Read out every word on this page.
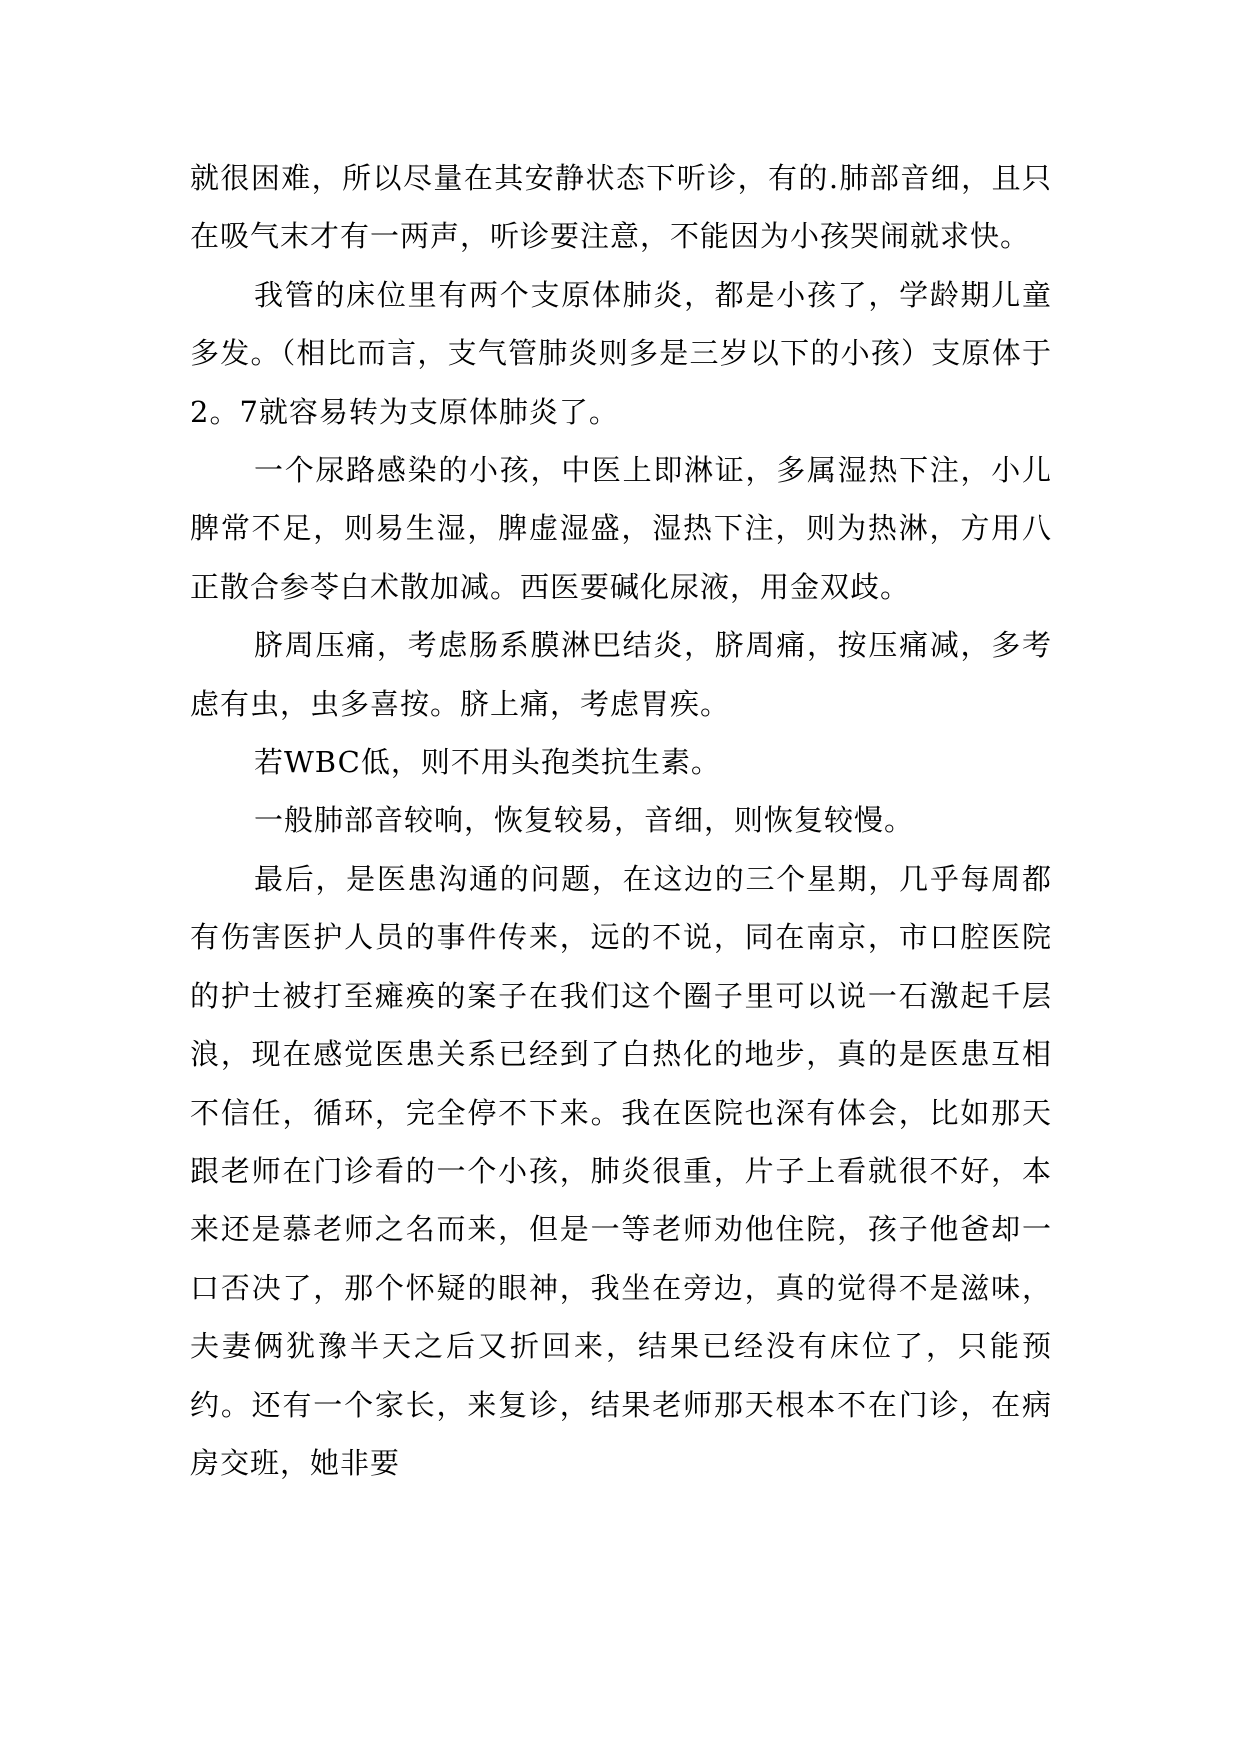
就很困难，所以尽量在其安静状态下听诊，有的.肺部音细，且只在吸气末才有一两声，听诊要注意，不能因为小孩哭闹就求快。

我管的床位里有两个支原体肺炎，都是小孩了，学龄期儿童多发。（相比而言，支气管肺炎则多是三岁以下的小孩）支原体于2。7就容易转为支原体肺炎了。

一个尿路感染的小孩，中医上即淋证，多属湿热下注，小儿脾常不足，则易生湿，脾虚湿盛，湿热下注，则为热淋，方用八正散合参苓白术散加减。西医要碱化尿液，用金双歧。

脐周压痛，考虑肠系膜淋巴结炎，脐周痛，按压痛减，多考虑有虫，虫多喜按。脐上痛，考虑胃疾。

若WBC低，则不用头孢类抗生素。

一般肺部音较响，恢复较易，音细，则恢复较慢。

最后，是医患沟通的问题，在这边的三个星期，几乎每周都有伤害医护人员的事件传来，远的不说，同在南京，市口腔医院的护士被打至瘫痪的案子在我们这个圈子里可以说一石激起千层浪，现在感觉医患关系已经到了白热化的地步，真的是医患互相不信任，循环，完全停不下来。我在医院也深有体会，比如那天跟老师在门诊看的一个小孩，肺炎很重，片子上看就很不好，本来还是慕老师之名而来，但是一等老师劝他住院，孩子他爸却一口否决了，那个怀疑的眼神，我坐在旁边，真的觉得不是滋味，夫妻俩犹豫半天之后又折回来，结果已经没有床位了，只能预约。还有一个家长，来复诊，结果老师那天根本不在门诊，在病房交班，她非要
